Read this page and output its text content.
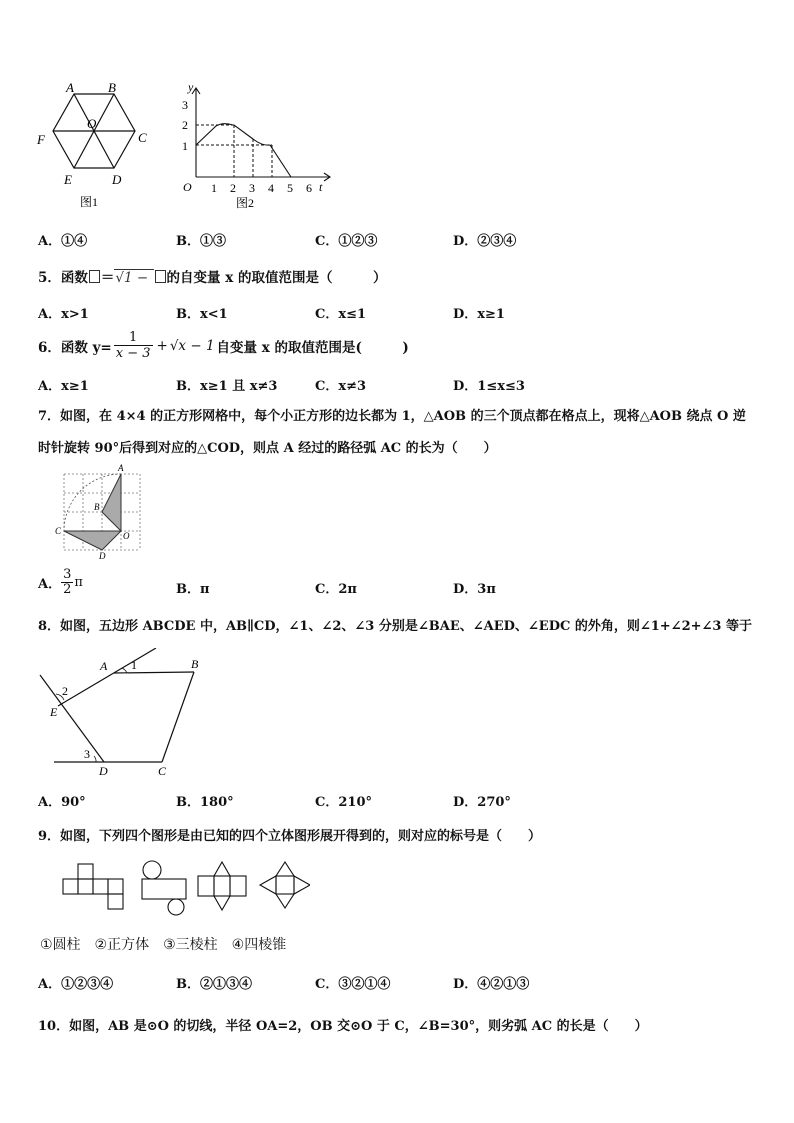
A	B
C
D
E
F
O
图1
y
t
O
1
2
3
1 2 3 4 5 6
图2
A．①④	B．①③	C．①②③	D．②③④
5．函数 ＝√1 − 的自变量 x 的取值范围是（　　　）
A．x>1	B．x<1	C．x≤1	D．x≥1
6．函数 $y= \frac{1}{x - 3} + √x - 1$ 自变量 x 的取值范围是(　　　)
A．x≥1	B．x≥1 且 x≠3	C．x≠3	D．1≤x≤3
7．如图，在 4×4 的正方形网格中，每个小正方形的边长都为 1，△AOB 的三个顶点都在格点上，现将△AOB 绕点 O 逆
时针旋转 90°后得到对应的△COD，则点 A 经过的路径弧 AC 的长为（　　）
A
B
C	O
D
A． $\frac{3}{2}$ π	B．π	C．2π	D．3π
8．如图，五边形 ABCDE 中，AB∥CD，∠1、∠2、∠3 分别是∠BAE、∠AED、∠EDC 的外角，则∠1+∠2+∠3 等于
A 1	B
2
E
3
D	C
A．90°	B．180°	C．210°	D．270°
9．如图，下列四个图形是由已知的四个立体图形展开得到的，则对应的标号是（　　）
①圆柱　②正方体　③三棱柱　④四棱锥
A．①②③④	B．②①③④	C．③②①④	D．④②①③
10．如图，AB 是⊙O 的切线，半径 OA=2，OB 交⊙O 于 C，∠B=30°，则劣弧 AC 的长是（　　）
